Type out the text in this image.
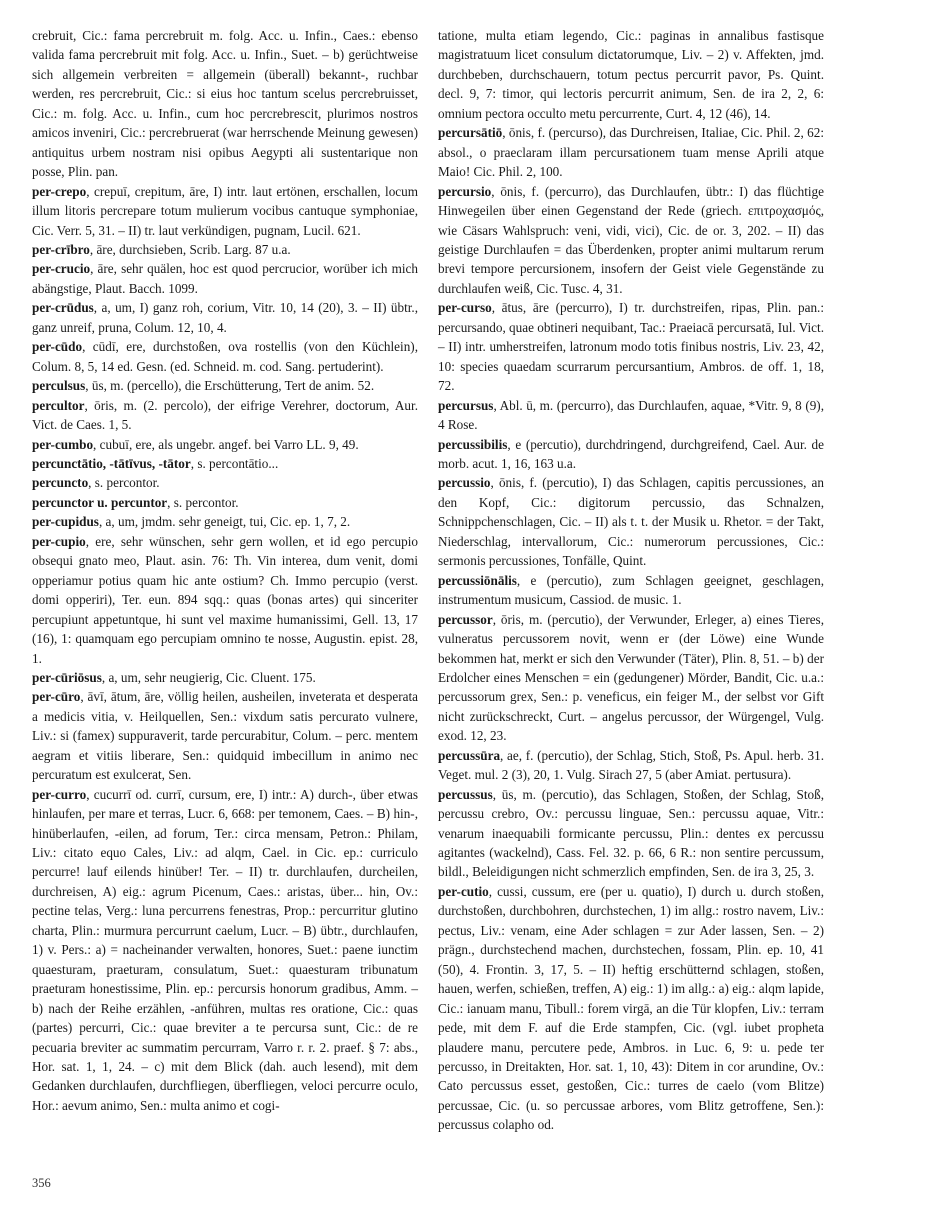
crebruit, Cic.: fama percrebruit m. folg. Acc. u. Infin., Caes.: ebenso valida fama percrebruit mit folg. Acc. u. Infin., Suet. – b) gerüchtweise sich allgemein verbreiten = allgemein (überall) bekannt-, ruchbar werden, res percrebruit, Cic.: si eius hoc tantum scelus percrebruisset, Cic.: m. folg. Acc. u. Infin., cum hoc percrebrescit, plurimos nostros amicos inveniri, Cic.: percrebruerat (war herrschende Meinung gewesen) antiquitus urbem nostram nisi opibus Aegypti ali sustentarique non posse, Plin. pan.

per-crepo, crepuī, crepitum, āre, I) intr. laut ertönen, erschallen, locum illum litoris percrepare totum mulierum vocibus cantuque symphoniae, Cic. Verr. 5, 31. – II) tr. laut verkündigen, pugnam, Lucil. 621.

per-crībro, āre, durchsieben, Scrib. Larg. 87 u.a.

per-crucio, āre, sehr quälen, hoc est quod percrucior, worüber ich mich abängstige, Plaut. Bacch. 1099.

per-crūdus, a, um, I) ganz roh, corium, Vitr. 10, 14 (20), 3. – II) übtr., ganz unreif, pruna, Colum. 12, 10, 4.

per-cūdo, cūdī, ere, durchstoßen, ova rostellis (von den Küchlein), Colum. 8, 5, 14 ed. Gesn. (ed. Schneid. m. cod. Sang. pertuderint).

perculsus, ūs, m. (percello), die Erschütterung, Tert de anim. 52.

percultor, ōris, m. (2. percolo), der eifrige Verehrer, doctorum, Aur. Vict. de Caes. 1, 5.

per-cumbo, cubuī, ere, als ungebr. angef. bei Varro LL. 9, 49.

percunctātio, -tātīvus, -tātor, s. percontātio...

percuncto, s. percontor.

percunctor u. percuntor, s. percontor.

per-cupidus, a, um, jmdm. sehr geneigt, tui, Cic. ep. 1, 7, 2.

per-cupio, ere, sehr wünschen, sehr gern wollen, et id ego percupio obsequi gnato meo, Plaut. asin. 76: Th. Vin interea, dum venit, domi opperiamur potius quam hic ante ostium? Ch. Immo percupio (verst. domi opperiri), Ter. eun. 894 sqq.: quas (bonas artes) qui sinceriter percupiunt appetuntque, hi sunt vel maxime humanissimi, Gell. 13, 17 (16), 1: quamquam ego percupiam omnino te nosse, Augustin. epist. 28, 1.

per-cūriōsus, a, um, sehr neugierig, Cic. Cluent. 175.

per-cūro, āvī, ātum, āre, völlig heilen, ausheilen, inveterata et desperata a medicis vitia, v. Heilquellen, Sen.: vixdum satis percurato vulnere, Liv.: si (famex) suppuraverit, tarde percurabitur, Colum. – perc. mentem aegram et vitiis liberare, Sen.: quidquid imbecillum in animo nec percuratum est exulcerat, Sen.

per-curro, cucurrī od. currī, cursum, ere, I) intr.: A) durch-, über etwas hinlaufen, per mare et terras, Lucr. 6, 668: per temonem, Caes. – B) hin-, hinüberlaufen, -eilen, ad forum, Ter.: circa mensam, Petron.: Philam, Liv.: citato equo Cales, Liv.: ad alqm, Cael. in Cic. ep.: curriculo percurre! lauf eilends hinüber! Ter. – II) tr. durchlaufen, durcheilen, durchreisen, A) eig.: agrum Picenum, Caes.: aristas, über... hin, Ov.: pectine telas, Verg.: luna percurrens fenestras, Prop.: percurritur glutino charta, Plin.: murmura percurrunt caelum, Lucr. – B) übtr., durchlaufen, 1) v. Pers.: a) = nacheinander verwalten, honores, Suet.: paene iunctim quaesturam, praeturam, consulatum, Suet.: quaesturam tribunatum praeturam honestissime, Plin. ep.: percursis honorum gradibus, Amm. – b) nach der Reihe erzählen, -anführen, multas res oratione, Cic.: quas (partes) percurri, Cic.: quae breviter a te percursa sunt, Cic.: de re pecuaria breviter ac summatim percurram, Varro r. r. 2. praef. § 7: abs., Hor. sat. 1, 1, 24. – c) mit dem Blick (dah. auch lesend), mit dem Gedanken durchlaufen, durchfliegen, überfliegen, veloci percurre oculo, Hor.: aevum animo, Sen.: multa animo et cogi-

tatione, multa etiam legendo, Cic.: paginas in annalibus fastisque magistratuum licet consulum dictatorumque, Liv. – 2) v. Affekten, jmd. durchbeben, durchschauern, totum pectus percurrit pavor, Ps. Quint. decl. 9, 7: timor, qui lectoris percurrit animum, Sen. de ira 2, 2, 6: omnium pectora occulto metu percurrente, Curt. 4, 12 (46), 14.

percursātiō, ōnis, f. (percurso), das Durchreisen, Italiae, Cic. Phil. 2, 62: absol., o praeclaram illam percursationem tuam mense Aprili atque Maio! Cic. Phil. 2, 100.

percursio, ōnis, f. (percurro), das Durchlaufen, übtr.: I) das flüchtige Hinwegeilen über einen Gegenstand der Rede (griech. επιτροχασμός, wie Cäsars Wahlspruch: veni, vidi, vici), Cic. de or. 3, 202. – II) das geistige Durchlaufen = das Überdenken, propter animi multarum rerum brevi tempore percursionem, insofern der Geist viele Gegenstände zu durchlaufen weiß, Cic. Tusc. 4, 31.

per-curso, ātus, āre (percurro), I) tr. durchstreifen, ripas, Plin. pan.: percursando, quae obtineri nequibant, Tac.: Praeiacā percursatā, Iul. Vict. – II) intr. umherstreifen, latronum modo totis finibus nostris, Liv. 23, 42, 10: species quaedam scurrarum percursantium, Ambros. de off. 1, 18, 72.

percursus, Abl. ū, m. (percurro), das Durchlaufen, aquae, *Vitr. 9, 8 (9), 4 Rose.

percussibilis, e (percutio), durchdringend, durchgreifend, Cael. Aur. de morb. acut. 1, 16, 163 u.a.

percussio, ōnis, f. (percutio), I) das Schlagen, capitis percussiones, an den Kopf, Cic.: digitorum percussio, das Schnalzen, Schnippchenschlagen, Cic. – II) als t. t. der Musik u. Rhetor. = der Takt, Niederschlag, intervallorum, Cic.: numerorum percussiones, Cic.: sermonis percussiones, Tonfälle, Quint.

percussiōnālis, e (percutio), zum Schlagen geeignet, geschlagen, instrumentum musicum, Cassiod. de music. 1.

percussor, ōris, m. (percutio), der Verwunder, Erleger, a) eines Tieres, vulneratus percussorem novit, wenn er (der Löwe) eine Wunde bekommen hat, merkt er sich den Verwunder (Täter), Plin. 8, 51. – b) der Erdolcher eines Menschen = ein (gedungener) Mörder, Bandit, Cic. u.a.: percussorum grex, Sen.: p. veneficus, ein feiger M., der selbst vor Gift nicht zurückschreckt, Curt. – angelus percussor, der Würgengel, Vulg. exod. 12, 23.

percussūra, ae, f. (percutio), der Schlag, Stich, Stoß, Ps. Apul. herb. 31. Veget. mul. 2 (3), 20, 1. Vulg. Sirach 27, 5 (aber Amiat. pertusura).

percussus, ūs, m. (percutio), das Schlagen, Stoßen, der Schlag, Stoß, percussu crebro, Ov.: percussu linguae, Sen.: percussu aquae, Vitr.: venarum inaequabili formicante percussu, Plin.: dentes ex percussu agitantes (wackelnd), Cass. Fel. 32. p. 66, 6 R.: non sentire percussum, bildl., Beleidigungen nicht schmerzlich empfinden, Sen. de ira 3, 25, 3.

per-cutio, cussi, cussum, ere (per u. quatio), I) durch u. durch stoßen, durchstoßen, durchbohren, durchstechen, 1) im allg.: rostro navem, Liv.: pectus, Liv.: venam, eine Ader schlagen = zur Ader lassen, Sen. – 2) prägn., durchstechend machen, durchstechen, fossam, Plin. ep. 10, 41 (50), 4. Frontin. 3, 17, 5. – II) heftig erschütternd schlagen, stoßen, hauen, werfen, schießen, treffen, A) eig.: 1) im allg.: a) eig.: alqm lapide, Cic.: ianuam manu, Tibull.: forem virgā, an die Tür klopfen, Liv.: terram pede, mit dem F. auf die Erde stampfen, Cic. (vgl. iubet propheta plaudere manu, percutere pede, Ambros. in Luc. 6, 9: u. pede ter percusso, in Dreitakten, Hor. sat. 1, 10, 43): Ditem in cor arundine, Ov.: Cato percussus esset, gestoßen, Cic.: turres de caelo (vom Blitze) percussae, Cic. (u. so percussae arbores, vom Blitz getroffene, Sen.): percussus colapho od.

356
